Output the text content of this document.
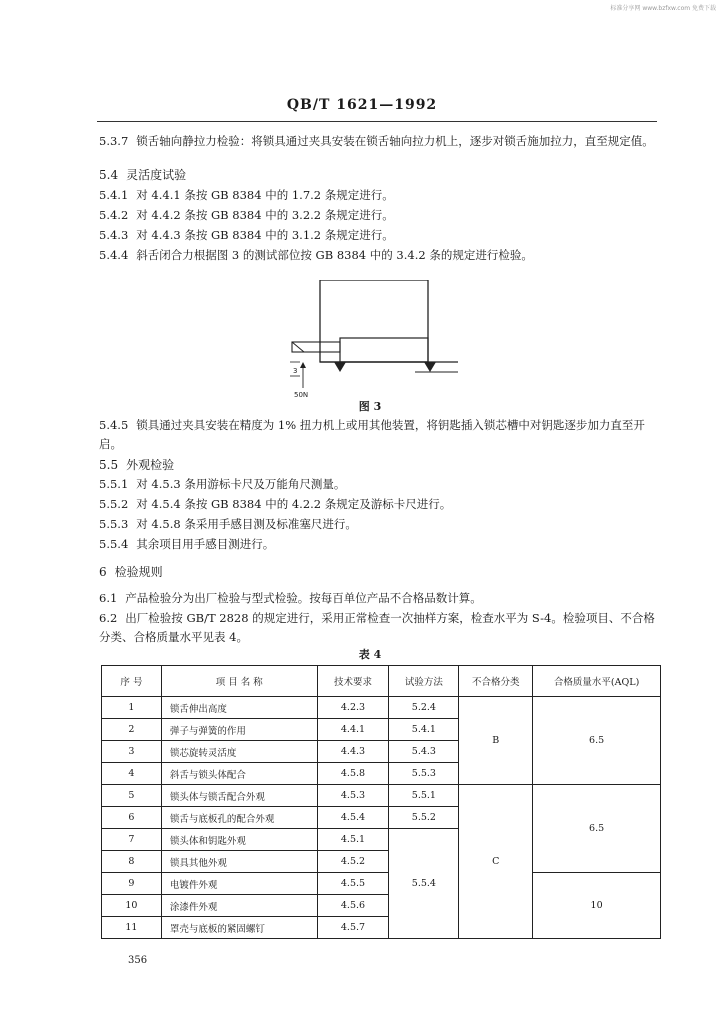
标准分享网 www.bzfxw.com 免费下载
QB/T 1621—1992
5.3.7 锁舌轴向静拉力检验：将锁具通过夹具安装在锁舌轴向拉力机上，逐步对锁舌施加拉力，直至规定值。
5.4 灵活度试验
5.4.1 对 4.4.1 条按 GB 8384 中的 1.7.2 条规定进行。
5.4.2 对 4.4.2 条按 GB 8384 中的 3.2.2 条规定进行。
5.4.3 对 4.4.3 条按 GB 8384 中的 3.1.2 条规定进行。
5.4.4 斜舌闭合力根据图 3 的测试部位按 GB 8384 中的 3.4.2 条的规定进行检验。
3
50N
图 3
5.4.5 锁具通过夹具安装在精度为 1% 扭力机上或用其他装置，将钥匙插入锁芯槽中对钥匙逐步加力直至开启。
5.5 外观检验
5.5.1 对 4.5.3 条用游标卡尺及万能角尺测量。
5.5.2 对 4.5.4 条按 GB 8384 中的 4.2.2 条规定及游标卡尺进行。
5.5.3 对 4.5.8 条采用手感目测及标准塞尺进行。
5.5.4 其余项目用手感目测进行。
6 检验规则
6.1 产品检验分为出厂检验与型式检验。按每百单位产品不合格品数计算。
6.2 出厂检验按 GB/T 2828 的规定进行，采用正常检查一次抽样方案，检查水平为 S-4。检验项目、不合格分类、合格质量水平见表 4。
表 4
序 号	项 目 名 称	技术要求	试验方法	不合格分类	合格质量水平(AQL)
1	锁舌伸出高度	4.2.3	5.2.4	B	6.5
2	弹子与弹簧的作用	4.4.1	5.4.1		
3	锁芯旋转灵活度	4.4.3	5.4.3		
4	斜舌与锁头体配合	4.5.8	5.5.3		
5	锁头体与锁舌配合外观	4.5.3	5.5.1	C	6.5
6	锁舌与底板孔的配合外观	4.5.4	5.5.2		
7	锁头体和钥匙外观	4.5.1	5.5.4		
8	锁具其他外观	4.5.2			
9	电镀件外观	4.5.5			10
10	涂漆件外观	4.5.6			
11	罩壳与底板的紧固螺钉	4.5.7			
356
